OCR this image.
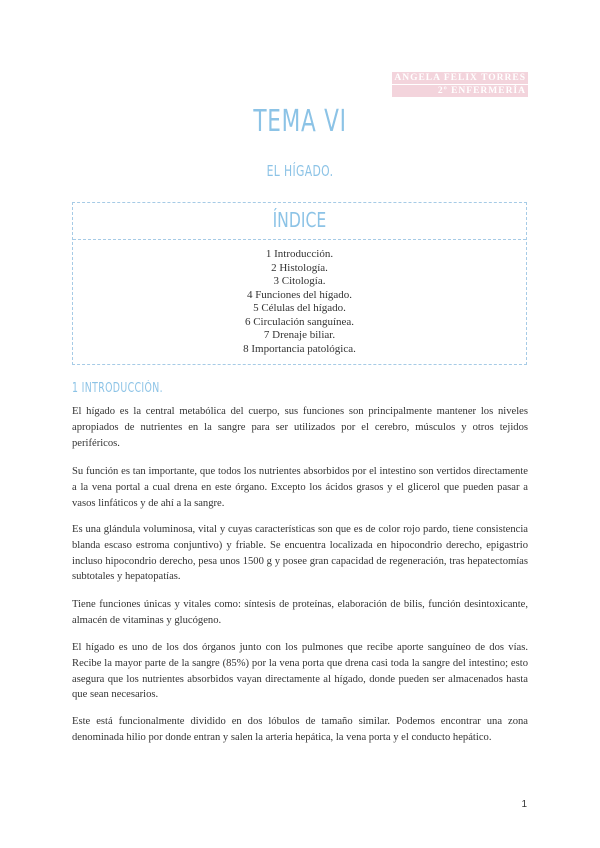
ANGELA FELIX TORRES
2º ENFERMERÍA
TEMA VI
EL HÍGADO.
ÍNDICE
1 Introducción.
2 Histología.
3 Citología.
4 Funciones del hígado.
5 Células del hígado.
6 Circulación sanguínea.
7 Drenaje biliar.
8 Importancia patológica.
1 INTRODUCCIÓN.
El hígado es la central metabólica del cuerpo, sus funciones son principalmente mantener los niveles apropiados de nutrientes en la sangre para ser utilizados por el cerebro, músculos y otros tejidos periféricos.
Su función es tan importante, que todos los nutrientes absorbidos por el intestino son vertidos directamente a la vena portal a cual drena en este órgano. Excepto los ácidos grasos y el glicerol que pueden pasar a vasos linfáticos y de ahí a la sangre.
Es una glándula voluminosa, vital y cuyas características son que es de color rojo pardo, tiene consistencia blanda escaso estroma conjuntivo) y friable. Se encuentra localizada en hipocondrio derecho, epigastrio incluso hipocondrio derecho, pesa unos 1500 g y posee gran capacidad de regeneración, tras hepatectomías subtotales y hepatopatías.
Tiene funciones únicas y vitales como: síntesis de proteínas, elaboración de bilis, función desintoxicante, almacén de vitaminas y glucógeno.
El hígado es uno de los dos órganos junto con los pulmones que recibe aporte sanguíneo de dos vías. Recibe la mayor parte de la sangre (85%) por la vena porta que drena casi toda la sangre del intestino; esto asegura que los nutrientes absorbidos vayan directamente al hígado, donde pueden ser almacenados hasta que sean necesarios.
Este está funcionalmente dividido en dos lóbulos de tamaño similar. Podemos encontrar una zona denominada hilio por donde entran y salen la arteria hepática, la vena porta y el conducto hepático.
1
